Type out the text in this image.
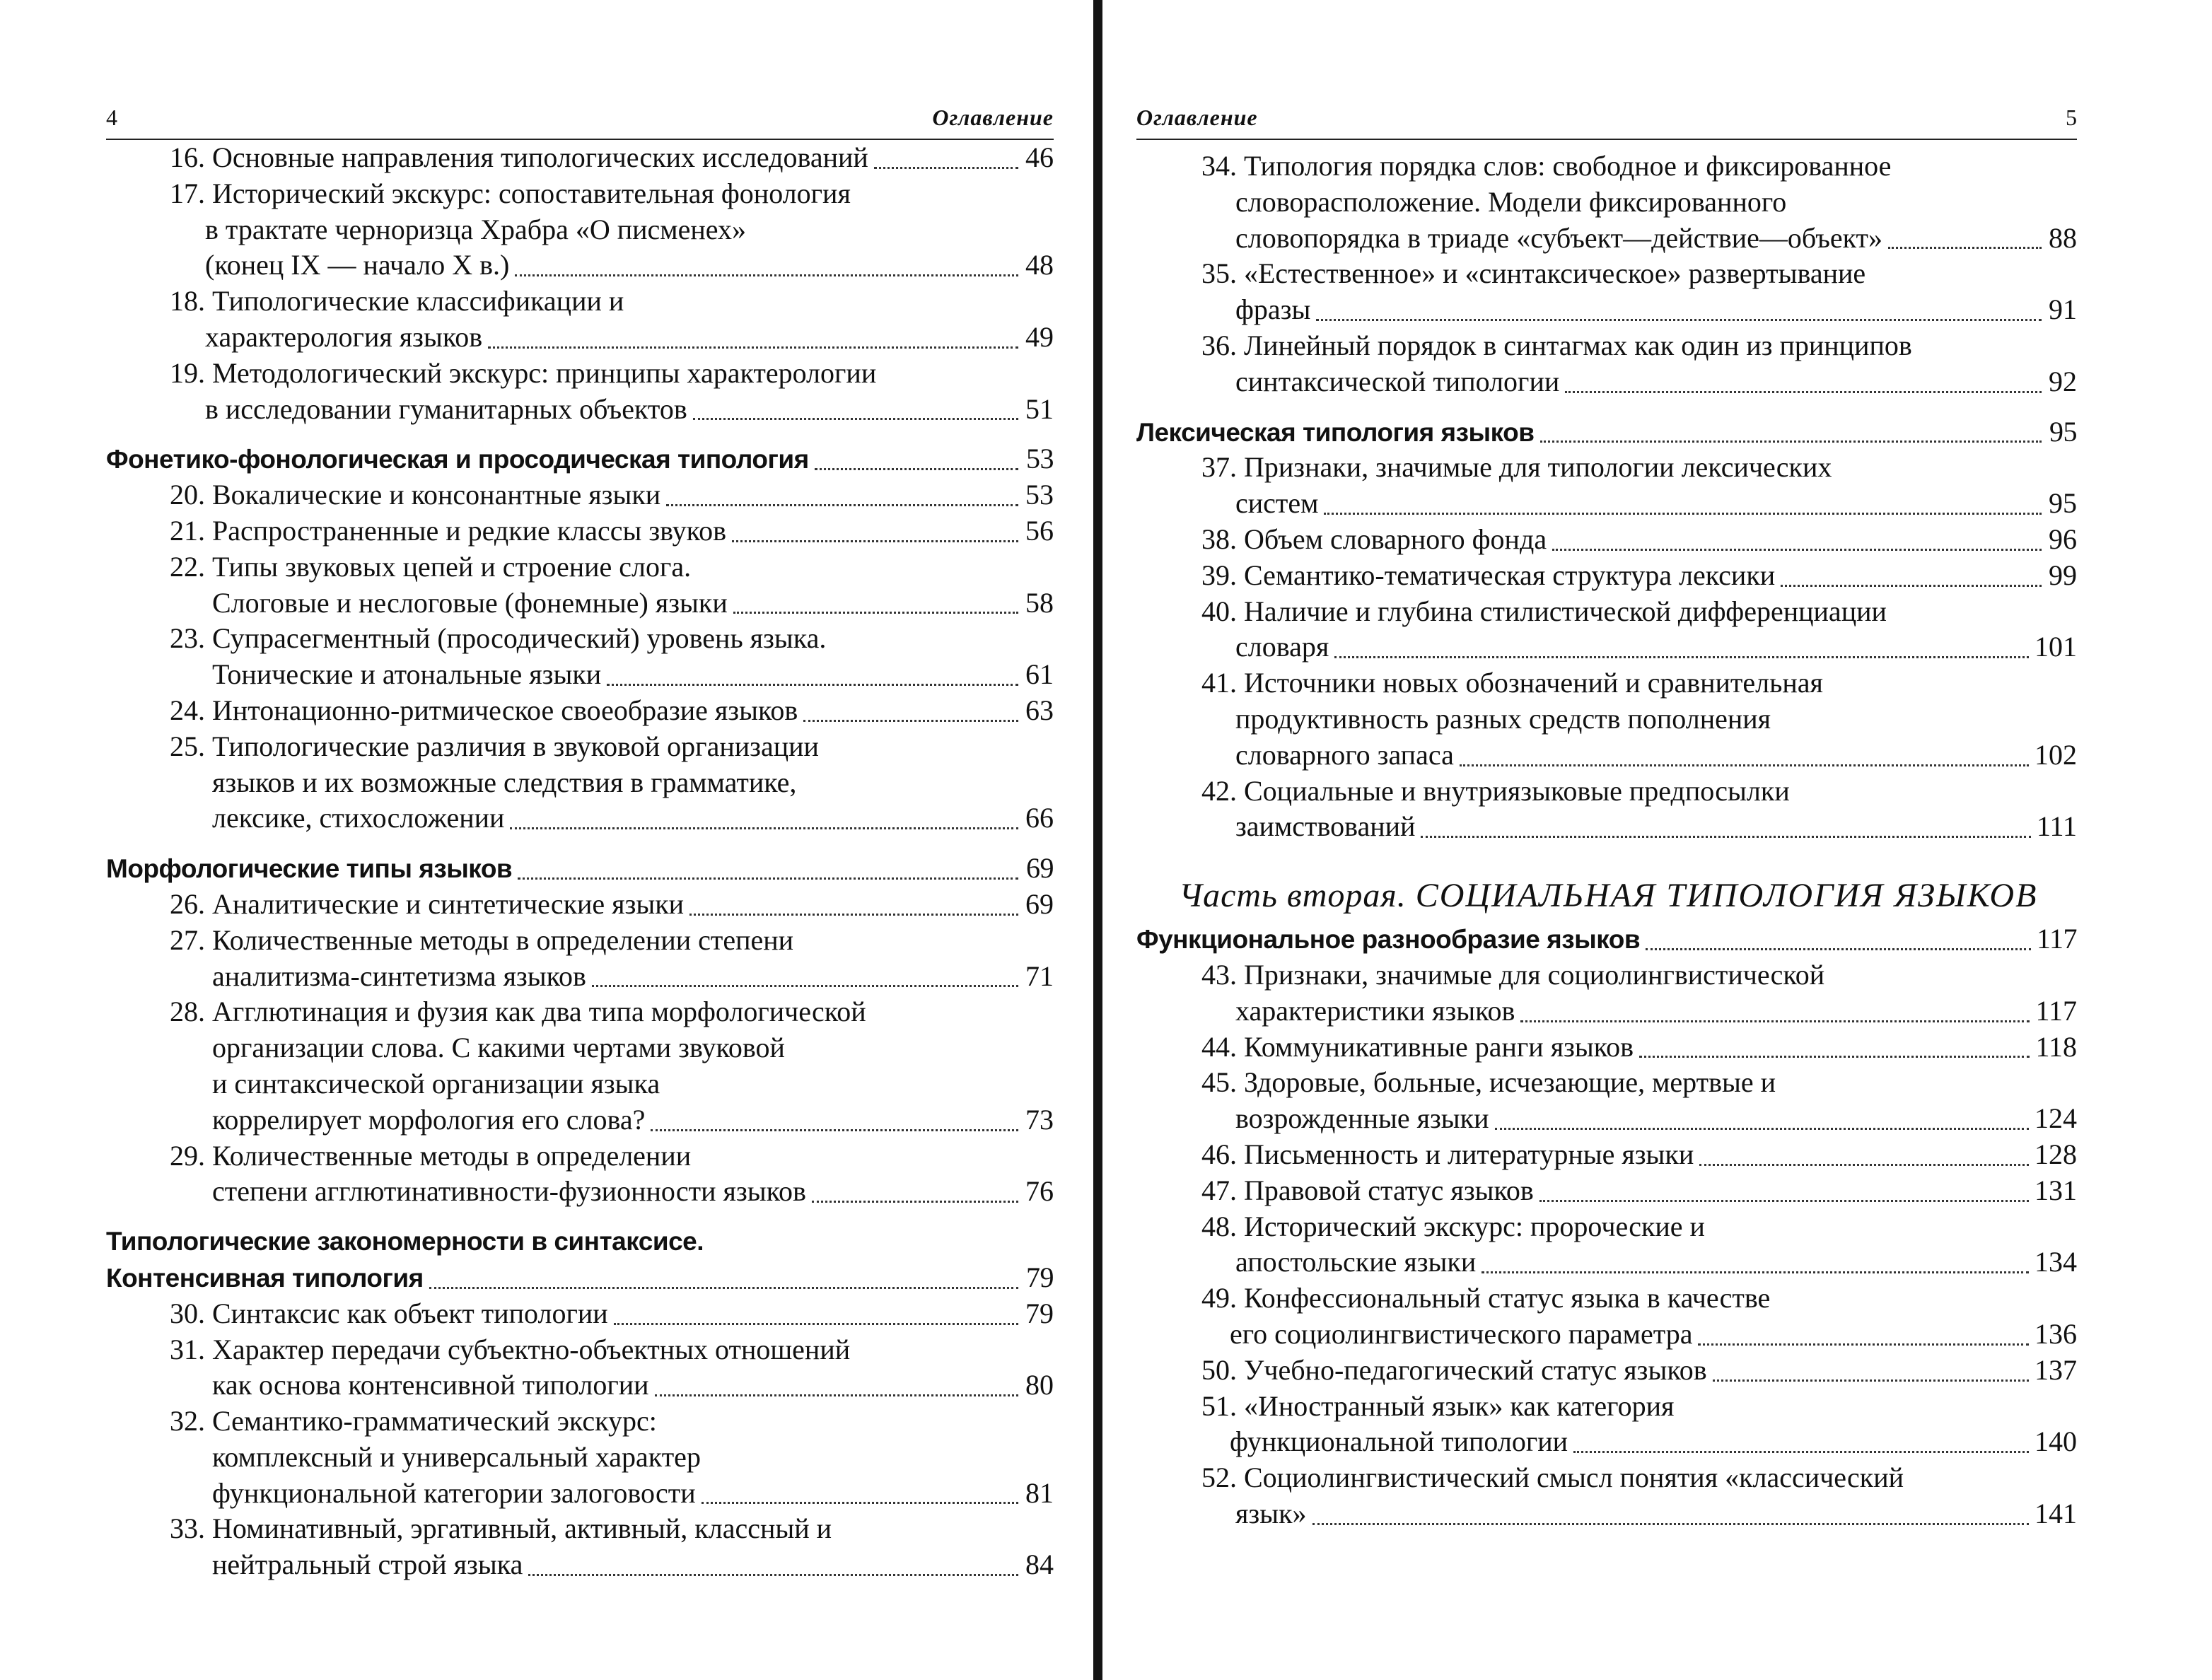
4	Оглавление
16. Основные направления типологических исследований	46
17. Исторический экскурс: сопоставительная фонология
в трактате черноризца Храбра «О писменех»
(конец IX — начало X в.)	48
18. Типологические классификации и
характерология языков	49
19. Методологический экскурс: принципы характерологии
в исследовании гуманитарных объектов	51
Фонетико-фонологическая и просодическая типология	53
20. Вокалические и консонантные языки	53
21. Распространенные и редкие классы звуков	56
22. Типы звуковых цепей и строение слога.
Слоговые и неслоговые (фонемные) языки	58
23. Супрасегментный (просодический) уровень языка.
Тонические и атональные языки	61
24. Интонационно-ритмическое своеобразие языков	63
25. Типологические различия в звуковой организации
языков и их возможные следствия в грамматике,
лексике, стихосложении	66
Морфологические типы языков	69
26. Аналитические и синтетические языки	69
27. Количественные методы в определении степени
аналитизма-синтетизма языков	71
28. Агглютинация и фузия как два типа морфологической
организации слова. С какими чертами звуковой
и синтаксической организации языка
коррелирует морфология его слова?	73
29. Количественные методы в определении
степени агглютинативности-фузионности языков	76
Типологические закономерности в синтаксисе.
Контенсивная типология	79
30. Синтаксис как объект типологии	79
31. Характер передачи субъектно-объектных отношений
как основа контенсивной типологии	80
32. Семантико-грамматический экскурс:
комплексный и универсальный характер
функциональной категории залоговости	81
33. Номинативный, эргативный, активный, классный и
нейтральный строй языка	84
Оглавление	5
34. Типология порядка слов: свободное и фиксированное
словорасположение. Модели фиксированного
словопорядка в триаде «субъект—действие—объект»	88
35. «Естественное» и «синтаксическое» развертывание
фразы	91
36. Линейный порядок в синтагмах как один из принципов
синтаксической типологии	92
Лексическая типология языков	95
37. Признаки, значимые для типологии лексических
систем	95
38. Объем словарного фонда	96
39. Семантико-тематическая структура лексики	99
40. Наличие и глубина стилистической дифференциации
словаря	101
41. Источники новых обозначений и сравнительная
продуктивность разных средств пополнения
словарного запаса	102
42. Социальные и внутриязыковые предпосылки
заимствований	111
Часть вторая. СОЦИАЛЬНАЯ ТИПОЛОГИЯ ЯЗЫКОВ
Функциональное разнообразие языков	117
43. Признаки, значимые для социолингвистической
характеристики языков	117
44. Коммуникативные ранги языков	118
45. Здоровые, больные, исчезающие, мертвые и
возрожденные языки	124
46. Письменность и литературные языки	128
47. Правовой статус языков	131
48. Исторический экскурс: пророческие и
апостольские языки	134
49. Конфессиональный статус языка в качестве
его социолингвистического параметра	136
50. Учебно-педагогический статус языков	137
51. «Иностранный язык» как категория
функциональной типологии	140
52. Социолингвистический смысл понятия «классический
язык»	141
